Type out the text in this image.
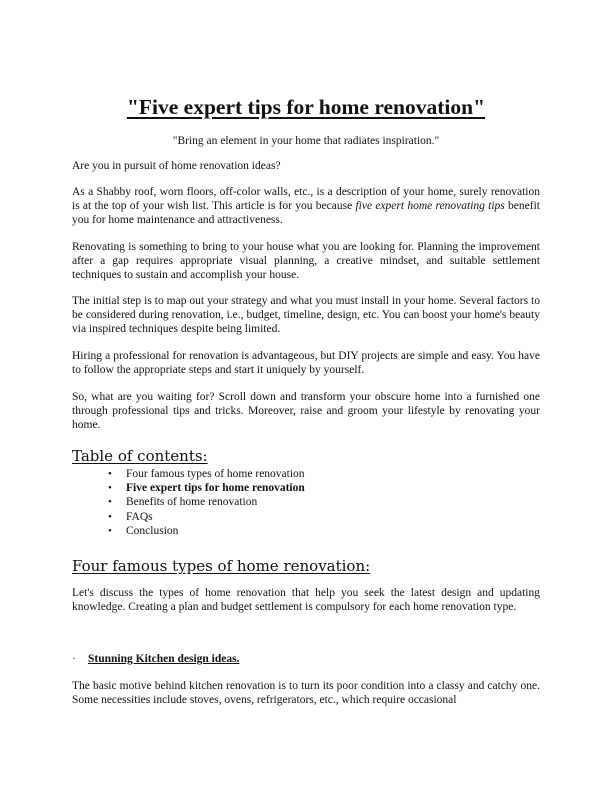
"Five expert tips for home renovation"

"Bring an element in your home that radiates inspiration."

Are you in pursuit of home renovation ideas?

As a Shabby roof, worn floors, off-color walls, etc., is a description of your home, surely renovation is at the top of your wish list. This article is for you because five expert home renovating tips benefit you for home maintenance and attractiveness.

Renovating is something to bring to your house what you are looking for. Planning the improvement after a gap requires appropriate visual planning, a creative mindset, and suitable settlement techniques to sustain and accomplish your house.

The initial step is to map out your strategy and what you must install in your home. Several factors to be considered during renovation, i.e., budget, timeline, design, etc. You can boost your home's beauty via inspired techniques despite being limited.

Hiring a professional for renovation is advantageous, but DIY projects are simple and easy. You have to follow the appropriate steps and start it uniquely by yourself.

So, what are you waiting for? Scroll down and transform your obscure home into a furnished one through professional tips and tricks. Moreover, raise and groom your lifestyle by renovating your home.

Table of contents:
• Four famous types of home renovation
• Five expert tips for home renovation
• Benefits of home renovation
• FAQs
• Conclusion
Four famous types of home renovation:

Let's discuss the types of home renovation that help you seek the latest design and updating knowledge. Creating a plan and budget settlement is compulsory for each home renovation type.

· Stunning Kitchen design ideas.

The basic motive behind kitchen renovation is to turn its poor condition into a classy and catchy one. Some necessities include stoves, ovens, refrigerators, etc., which require occasional
